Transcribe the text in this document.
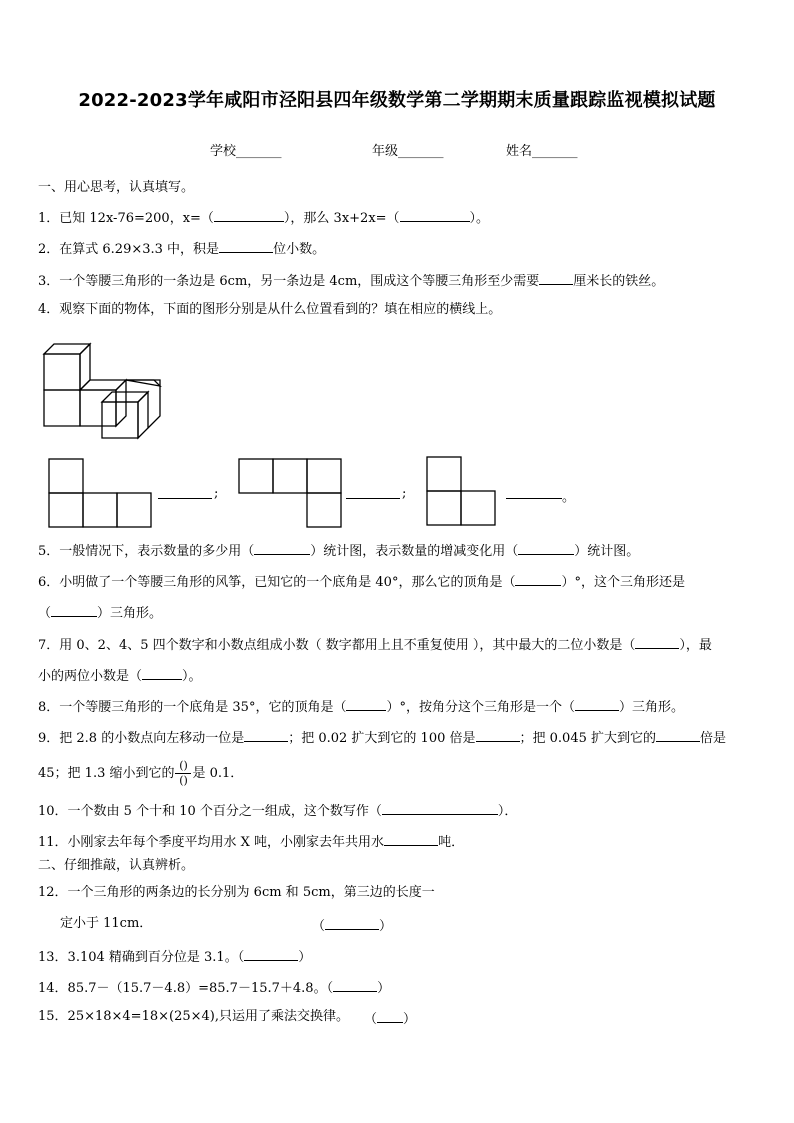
2022-2023学年咸阳市泾阳县四年级数学第二学期期末质量跟踪监视模拟试题
学校_______	年级_______	姓名_______
一、用心思考，认真填写。
1．已知 12x-76=200，x=（	），那么 3x+2x=（	）。
2．在算式 6.29×3.3 中，积是	位小数。
3．一个等腰三角形的一条边是 6cm，另一条边是 4cm，围成这个等腰三角形至少需要	厘米长的铁丝。
4．观察下面的物体，下面的图形分别是从什么位置看到的？填在相应的横线上。
;	;	。
5．一般情况下，表示数量的多少用（	）统计图，表示数量的增减变化用（	）统计图。
6．小明做了一个等腰三角形的风筝，已知它的一个底角是 40°，那么它的顶角是（	）°，这个三角形还是
（	）三角形。
7．用 0、2、4、5 四个数字和小数点组成小数（ 数字都用上且不重复使用 ），其中最大的二位小数是（	），最
小的两位小数是（	）。
8．一个等腰三角形的一个底角是 35°，它的顶角是（	）°，按角分这个三角形是一个（	）三角形。
9．把 2.8 的小数点向左移动一位是	；把 0.02 扩大到它的 100 倍是	；把 0.045 扩大到它的	倍是
45；把 1.3 缩小到它的 $\frac{()}{()}$ 是 0.1．
10．一个数由 5 个十和 10 个百分之一组成，这个数写作（	）．
11．小刚家去年每个季度平均用水 X 吨，小刚家去年共用水	吨．
二、仔细推敲，认真辨析。
12．一个三角形的两条边的长分别为 6cm 和 5cm，第三边的长度一
定小于 11cm．	（	）
13．3.104 精确到百分位是 3.1。（	）
14．85.7－（15.7－4.8）=85.7－15.7＋4.8。（	）
15．25×18×4=18×(25×4),只运用了乘法交换律。 （ ）
